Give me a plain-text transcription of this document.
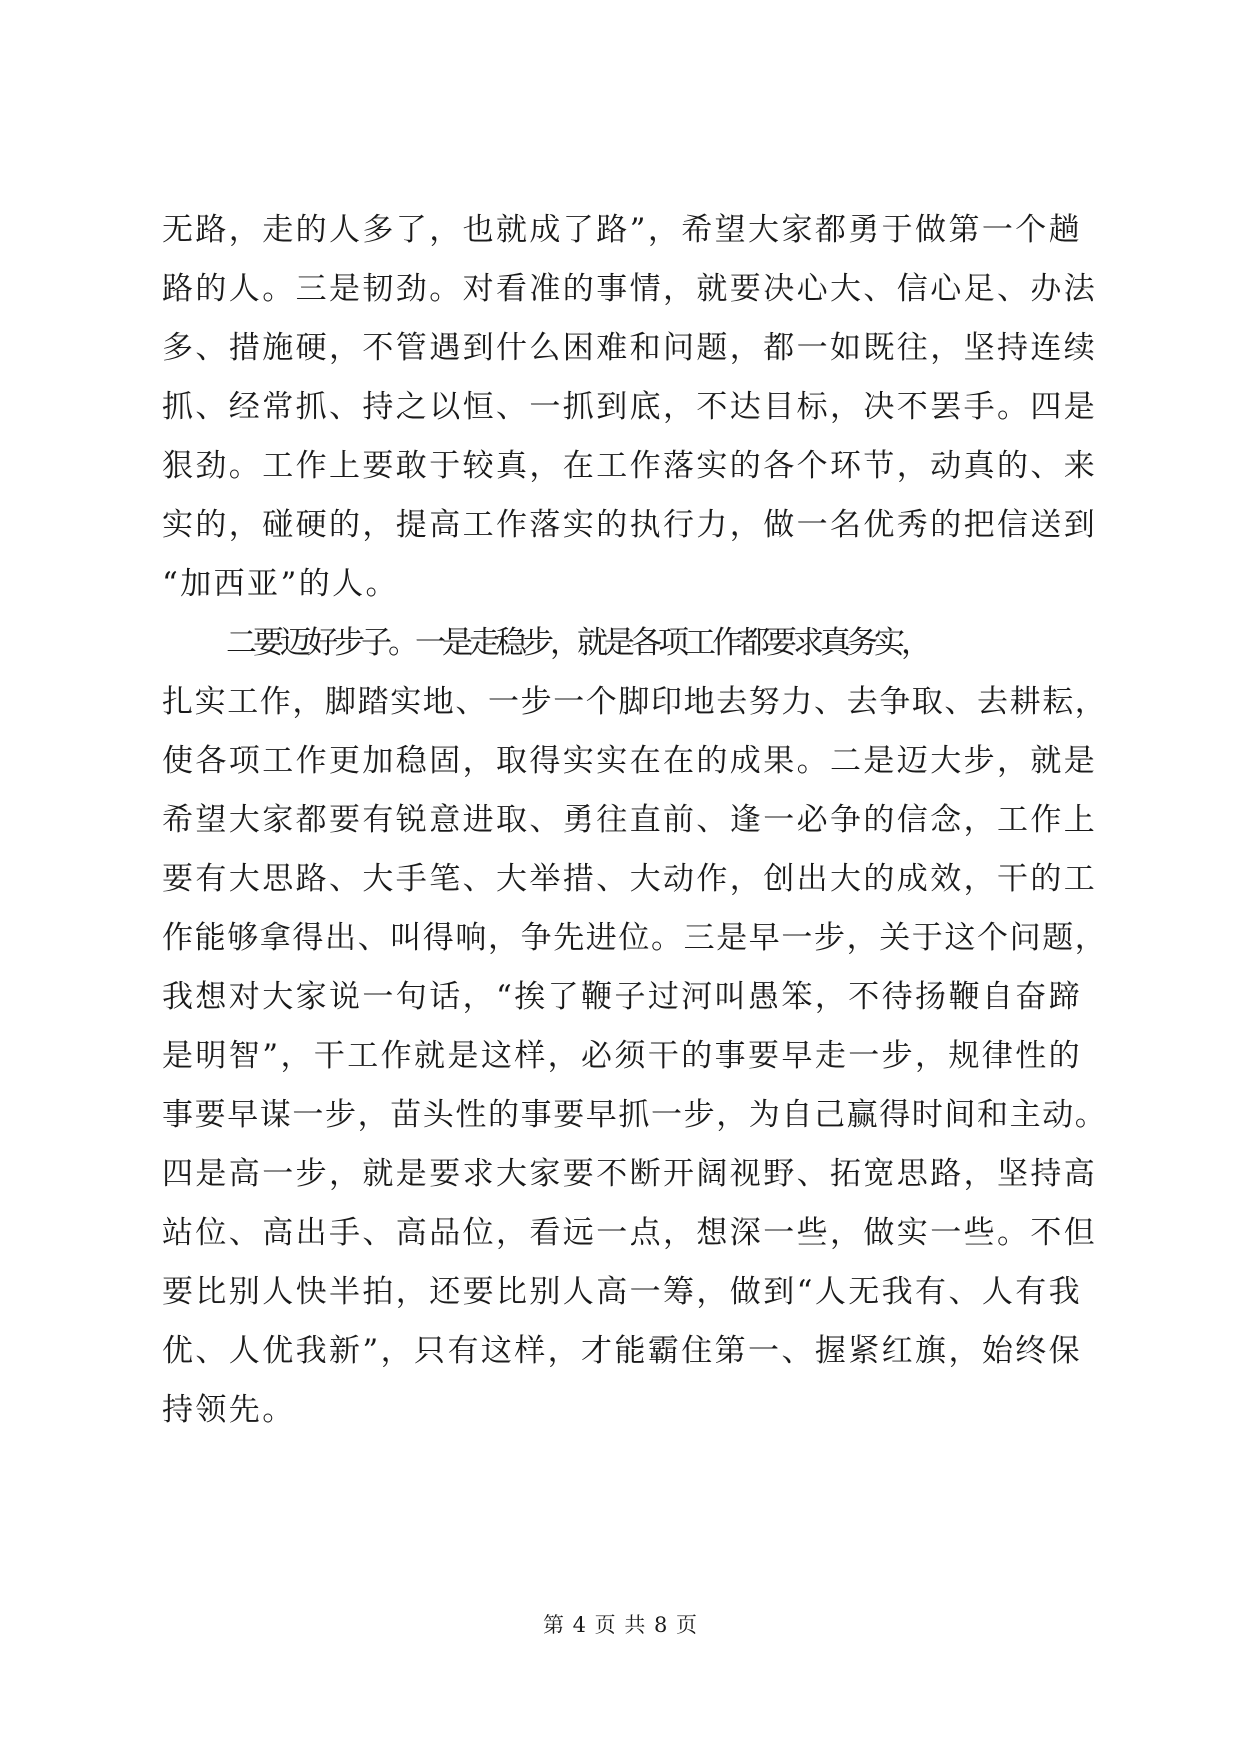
无路，走的人多了，也就成了路”，希望大家都勇于做第一个趟
路的人。三是韧劲。对看准的事情，就要决心大、信心足、办法
多、措施硬，不管遇到什么困难和问题，都一如既往，坚持连续
抓、经常抓、持之以恒、一抓到底，不达目标，决不罢手。四是
狠劲。工作上要敢于较真，在工作落实的各个环节，动真的、来
实的，碰硬的，提高工作落实的执行力，做一名优秀的把信送到
“加西亚”的人。
二要迈好步子。一是走稳步，就是各项工作都要求真务实，
扎实工作，脚踏实地、一步一个脚印地去努力、去争取、去耕耘，
使各项工作更加稳固，取得实实在在的成果。二是迈大步，就是
希望大家都要有锐意进取、勇往直前、逢一必争的信念，工作上
要有大思路、大手笔、大举措、大动作，创出大的成效，干的工
作能够拿得出、叫得响，争先进位。三是早一步，关于这个问题，
我想对大家说一句话，“挨了鞭子过河叫愚笨，不待扬鞭自奋蹄
是明智”，干工作就是这样，必须干的事要早走一步，规律性的
事要早谋一步，苗头性的事要早抓一步，为自己赢得时间和主动。
四是高一步，就是要求大家要不断开阔视野、拓宽思路，坚持高
站位、高出手、高品位，看远一点，想深一些，做实一些。不但
要比别人快半拍，还要比别人高一筹，做到“人无我有、人有我
优、人优我新”，只有这样，才能霸住第一、握紧红旗，始终保
持领先。
第 4 页 共 8 页
